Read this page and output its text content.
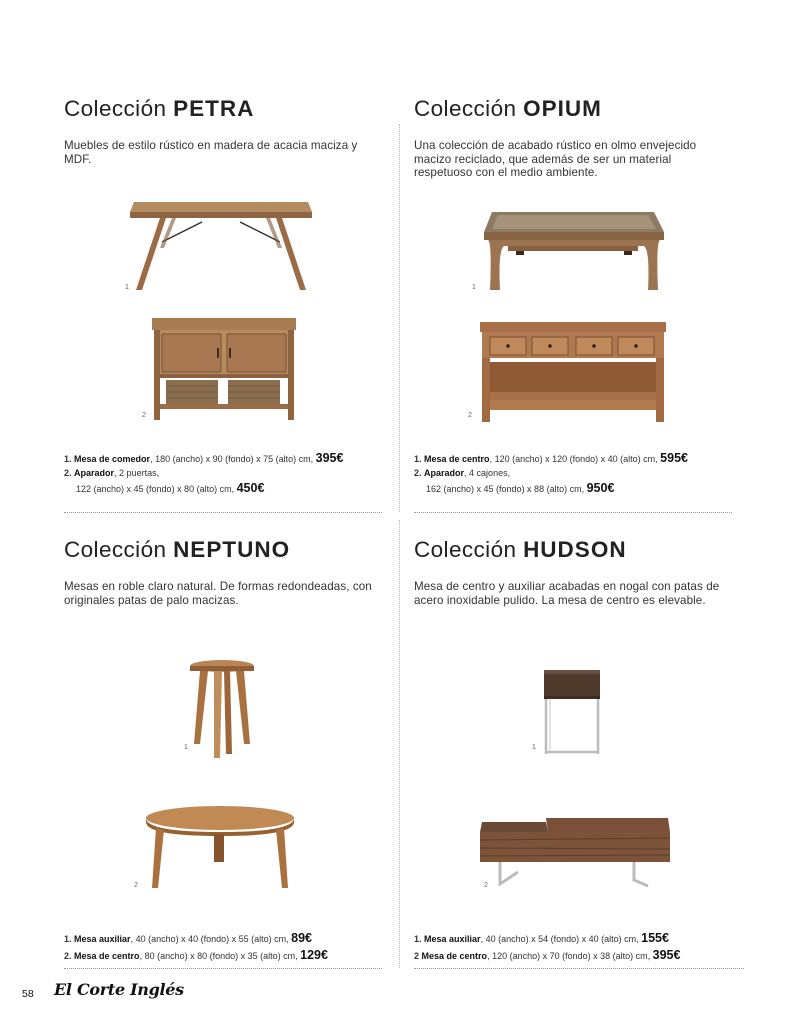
Colección PETRA

Muebles de estilo rústico en madera de acacia maciza y MDF.

1
2
1. Mesa de comedor, 180 (ancho) x 90 (fondo) x 75 (alto) cm, 395€
2. Aparador, 2 puertas,
122 (ancho) x 45 (fondo) x 80 (alto) cm, 450€
Colección OPIUM

Una colección de acabado rústico en olmo envejecido macizo reciclado, que además de ser un material respetuoso con el medio ambiente.

1
2
1. Mesa de centro, 120 (ancho) x 120 (fondo) x 40 (alto) cm, 595€
2. Aparador, 4 cajones,
162 (ancho) x 45 (fondo) x 88 (alto) cm, 950€
Colección NEPTUNO

Mesas en roble claro natural. De formas redondeadas, con originales patas de palo macizas.

1
2
1. Mesa auxiliar, 40 (ancho) x 40 (fondo) x 55 (alto) cm, 89€
2. Mesa de centro, 80 (ancho) x 80 (fondo) x 35 (alto) cm, 129€
Colección HUDSON

Mesa de centro y auxiliar acabadas en nogal con patas de acero inoxidable pulido. La mesa de centro es elevable.

1
2
1. Mesa auxiliar, 40 (ancho) x 54 (fondo) x 40 (alto) cm, 155€
2 Mesa de centro, 120 (ancho) x 70 (fondo) x 38 (alto) cm, 395€
58 El Corte Inglés
